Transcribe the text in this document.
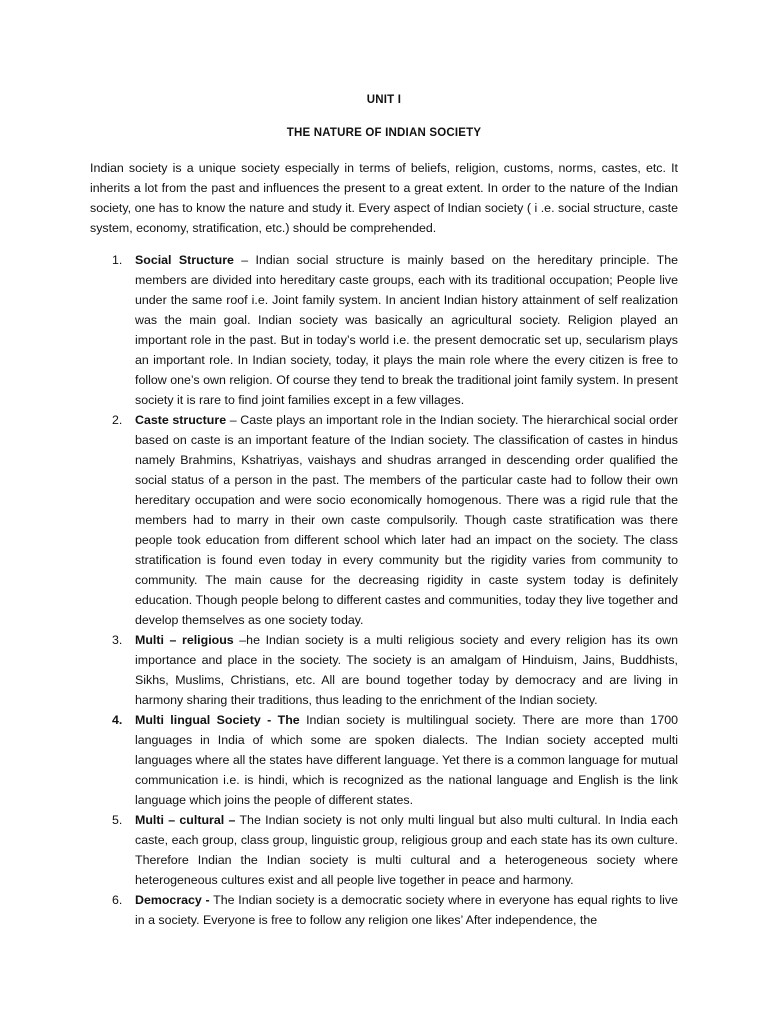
UNIT I
THE NATURE OF INDIAN SOCIETY

Indian society is a unique society especially in terms of beliefs, religion, customs, norms, castes, etc. It inherits a lot from the past and influences the present to a great extent. In order to the nature of the Indian society, one has to know the nature and study it. Every aspect of Indian society ( i .e. social structure, caste system, economy, stratification, etc.) should be comprehended.

1. Social Structure – Indian social structure is mainly based on the hereditary principle. The members are divided into hereditary caste groups, each with its traditional occupation; People live under the same roof i.e. Joint family system. In ancient Indian history attainment of self realization was the main goal. Indian society was basically an agricultural society. Religion played an important role in the past. But in today’s world i.e. the present democratic set up, secularism plays an important role. In Indian society, today, it plays the main role where the every citizen is free to follow one’s own religion. Of course they tend to break the traditional joint family system. In present society it is rare to find joint families except in a few villages.
2. Caste structure – Caste plays an important role in the Indian society. The hierarchical social order based on caste is an important feature of the Indian society. The classification of castes in hindus namely Brahmins, Kshatriyas, vaishays and shudras arranged in descending order qualified the social status of a person in the past. The members of the particular caste had to follow their own hereditary occupation and were socio economically homogenous. There was a rigid rule that the members had to marry in their own caste compulsorily. Though caste stratification was there people took education from different school which later had an impact on the society. The class stratification is found even today in every community but the rigidity varies from community to community. The main cause for the decreasing rigidity in caste system today is definitely education. Though people belong to different castes and communities, today they live together and develop themselves as one society today.
3. Multi – religious –he Indian society is a multi religious society and every religion has its own importance and place in the society. The society is an amalgam of Hinduism, Jains, Buddhists, Sikhs, Muslims, Christians, etc. All are bound together today by democracy and are living in harmony sharing their traditions, thus leading to the enrichment of the Indian society.
4. Multi lingual Society - The Indian society is multilingual society. There are more than 1700 languages in India of which some are spoken dialects. The Indian society accepted multi languages where all the states have different language. Yet there is a common language for mutual communication i.e. is hindi, which is recognized as the national language and English is the link language which joins the people of different states.
5. Multi – cultural – The Indian society is not only multi lingual but also multi cultural. In India each caste, each group, class group, linguistic group, religious group and each state has its own culture. Therefore Indian the Indian society is multi cultural and a heterogeneous society where heterogeneous cultures exist and all people live together in peace and harmony.
6. Democracy - The Indian society is a democratic society where in everyone has equal rights to live in a society. Everyone is free to follow any religion one likes’ After independence, the
